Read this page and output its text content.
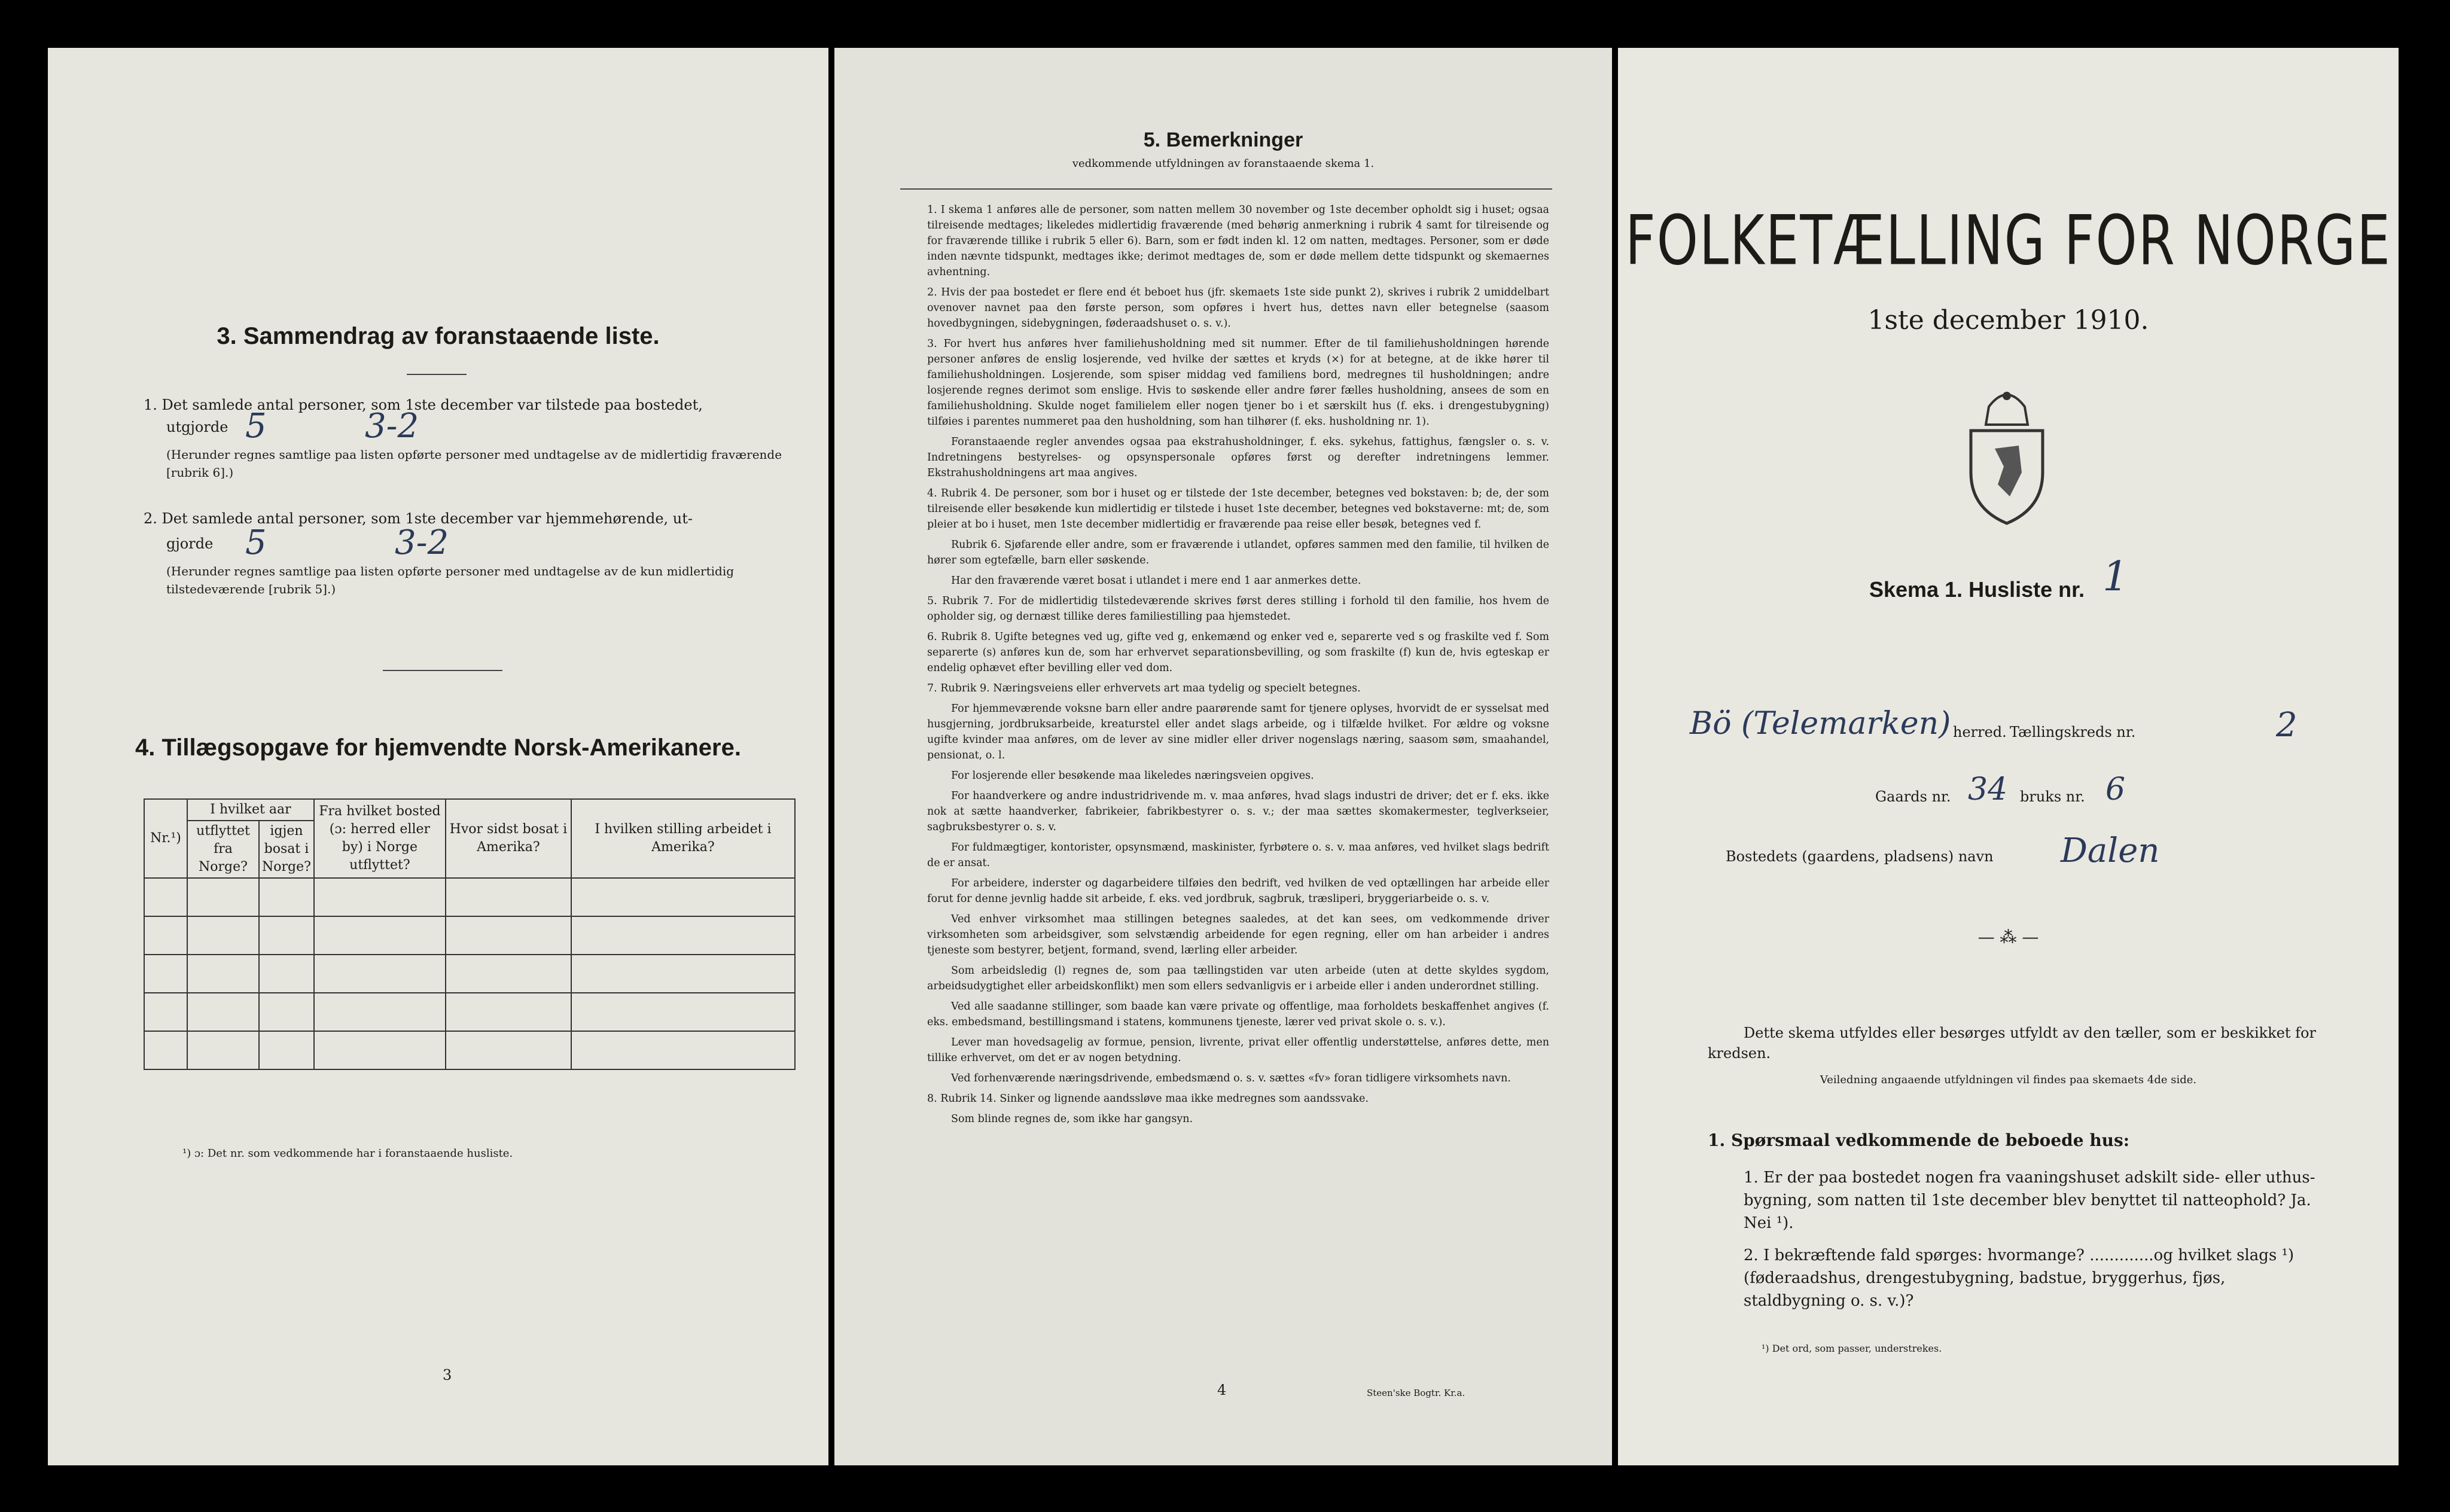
3. Sammendrag av foranstaaende liste.
1. Det samlede antal personer, som 1ste december var tilstede paa bostedet,
utgjorde 5	3-2
(Herunder regnes samtlige paa listen opførte personer med undtagelse av de midlertidig fraværende [rubrik 6].)
2. Det samlede antal personer, som 1ste december var hjemmehørende, ut-
gjorde 5	3-2
(Herunder regnes samtlige paa listen opførte personer med undtagelse av de kun midlertidig tilstedeværende [rubrik 5].)
4. Tillægsopgave for hjemvendte Norsk-Amerikanere.
Nr.¹)	I hvilket aar		Fra hvilket bosted (ɔ: herred eller by) i Norge utflyttet?	Hvor sidst bosat i Amerika?	I hvilken stilling arbeidet i Amerika?
	utflyttet fra Norge?	igjen bosat i Norge?			

¹) ɔ: Det nr. som vedkommende har i foranstaaende husliste.
3
5. Bemerkninger
vedkommende utfyldningen av foranstaaende skema 1.

1. I skema 1 anføres alle de personer, som natten mellem 30 november og 1ste december opholdt sig i huset; ogsaa tilreisende medtages; likeledes midlertidig fraværende (med behørig anmerkning i rubrik 4 samt for tilreisende og for fraværende tillike i rubrik 5 eller 6). Barn, som er født inden kl. 12 om natten, medtages. Personer, som er døde inden nævnte tidspunkt, medtages ikke; derimot medtages de, som er døde mellem dette tidspunkt og skemaernes avhentning.

2. Hvis der paa bostedet er flere end ét beboet hus (jfr. skemaets 1ste side punkt 2), skrives i rubrik 2 umiddelbart ovenover navnet paa den første person, som opføres i hvert hus, dettes navn eller betegnelse (saasom hovedbygningen, sidebygningen, føderaadshuset o. s. v.).

3. For hvert hus anføres hver familiehusholdning med sit nummer. Efter de til familiehusholdningen hørende personer anføres de enslig losjerende, ved hvilke der sættes et kryds (×) for at betegne, at de ikke hører til familiehusholdningen. Losjerende, som spiser middag ved familiens bord, medregnes til husholdningen; andre losjerende regnes derimot som enslige. Hvis to søskende eller andre fører fælles husholdning, ansees de som en familiehusholdning. Skulde noget familielem eller nogen tjener bo i et særskilt hus (f. eks. i drengestubygning) tilføies i parentes nummeret paa den husholdning, som han tilhører (f. eks. husholdning nr. 1).

Foranstaaende regler anvendes ogsaa paa ekstrahusholdninger, f. eks. sykehus, fattighus, fængsler o. s. v. Indretningens bestyrelses- og opsynspersonale opføres først og derefter indretningens lemmer. Ekstrahusholdningens art maa angives.

4. Rubrik 4. De personer, som bor i huset og er tilstede der 1ste december, betegnes ved bokstaven: b; de, der som tilreisende eller besøkende kun midlertidig er tilstede i huset 1ste december, betegnes ved bokstaverne: mt; de, som pleier at bo i huset, men 1ste december midlertidig er fraværende paa reise eller besøk, betegnes ved f.

Rubrik 6. Sjøfarende eller andre, som er fraværende i utlandet, opføres sammen med den familie, til hvilken de hører som egtefælle, barn eller søskende.

Har den fraværende været bosat i utlandet i mere end 1 aar anmerkes dette.

5. Rubrik 7. For de midlertidig tilstedeværende skrives først deres stilling i forhold til den familie, hos hvem de opholder sig, og dernæst tillike deres familiestilling paa hjemstedet.

6. Rubrik 8. Ugifte betegnes ved ug, gifte ved g, enkemænd og enker ved e, separerte ved s og fraskilte ved f. Som separerte (s) anføres kun de, som har erhvervet separationsbevilling, og som fraskilte (f) kun de, hvis egteskap er endelig ophævet efter bevilling eller ved dom.

7. Rubrik 9. Næringsveiens eller erhvervets art maa tydelig og specielt betegnes.

For hjemmeværende voksne barn eller andre paarørende samt for tjenere oplyses, hvorvidt de er sysselsat med husgjerning, jordbruksarbeide, kreaturstel eller andet slags arbeide, og i tilfælde hvilket. For ældre og voksne ugifte kvinder maa anføres, om de lever av sine midler eller driver nogenslags næring, saasom søm, smaahandel, pensionat, o. l.

For losjerende eller besøkende maa likeledes næringsveien opgives.

For haandverkere og andre industridrivende m. v. maa anføres, hvad slags industri de driver; det er f. eks. ikke nok at sætte haandverker, fabrikeier, fabrikbestyrer o. s. v.; der maa sættes skomakermester, teglverkseier, sagbruksbestyrer o. s. v.

For fuldmægtiger, kontorister, opsynsmænd, maskinister, fyrbøtere o. s. v. maa anføres, ved hvilket slags bedrift de er ansat.

For arbeidere, inderster og dagarbeidere tilføies den bedrift, ved hvilken de ved optællingen har arbeide eller forut for denne jevnlig hadde sit arbeide, f. eks. ved jordbruk, sagbruk, træsliperi, bryggeriarbeide o. s. v.

Ved enhver virksomhet maa stillingen betegnes saaledes, at det kan sees, om vedkommende driver virksomheten som arbeidsgiver, som selvstændig arbeidende for egen regning, eller om han arbeider i andres tjeneste som bestyrer, betjent, formand, svend, lærling eller arbeider.

Som arbeidsledig (l) regnes de, som paa tællingstiden var uten arbeide (uten at dette skyldes sygdom, arbeidsudygtighet eller arbeidskonflikt) men som ellers sedvanligvis er i arbeide eller i anden underordnet stilling.

Ved alle saadanne stillinger, som baade kan være private og offentlige, maa forholdets beskaffenhet angives (f. eks. embedsmand, bestillingsmand i statens, kommunens tjeneste, lærer ved privat skole o. s. v.).

Lever man hovedsagelig av formue, pension, livrente, privat eller offentlig understøttelse, anføres dette, men tillike erhvervet, om det er av nogen betydning.

Ved forhenværende næringsdrivende, embedsmænd o. s. v. sættes «fv» foran tidligere virksomhets navn.

8. Rubrik 14. Sinker og lignende aandssløve maa ikke medregnes som aandssvake.

Som blinde regnes de, som ikke har gangsyn.

4	Steen'ske Bogtr. Kr.a.
FOLKETÆLLING FOR NORGE
1ste december 1910.
Skema 1. Husliste nr. 1
Bö (Telemarken) herred. Tællingskreds nr.	2
Gaards nr. 34 bruks nr. 6
Bostedets (gaardens, pladsens) navn Dalen
— ⁂ —
Dette skema utfyldes eller besørges utfyldt av den tæller, som er beskikket for kredsen.
Veiledning angaaende utfyldningen vil findes paa skemaets 4de side.
1. Spørsmaal vedkommende de beboede hus:
1. Er der paa bostedet nogen fra vaaningshuset adskilt side- eller uthus-bygning, som natten til 1ste december blev benyttet til natteophold? Ja. Nei ¹).
2. I bekræftende fald spørges: hvormange? .............og hvilket slags ¹) (føderaadshus, drengestubygning, badstue, bryggerhus, fjøs, staldbygning o. s. v.)?
¹) Det ord, som passer, understrekes.
